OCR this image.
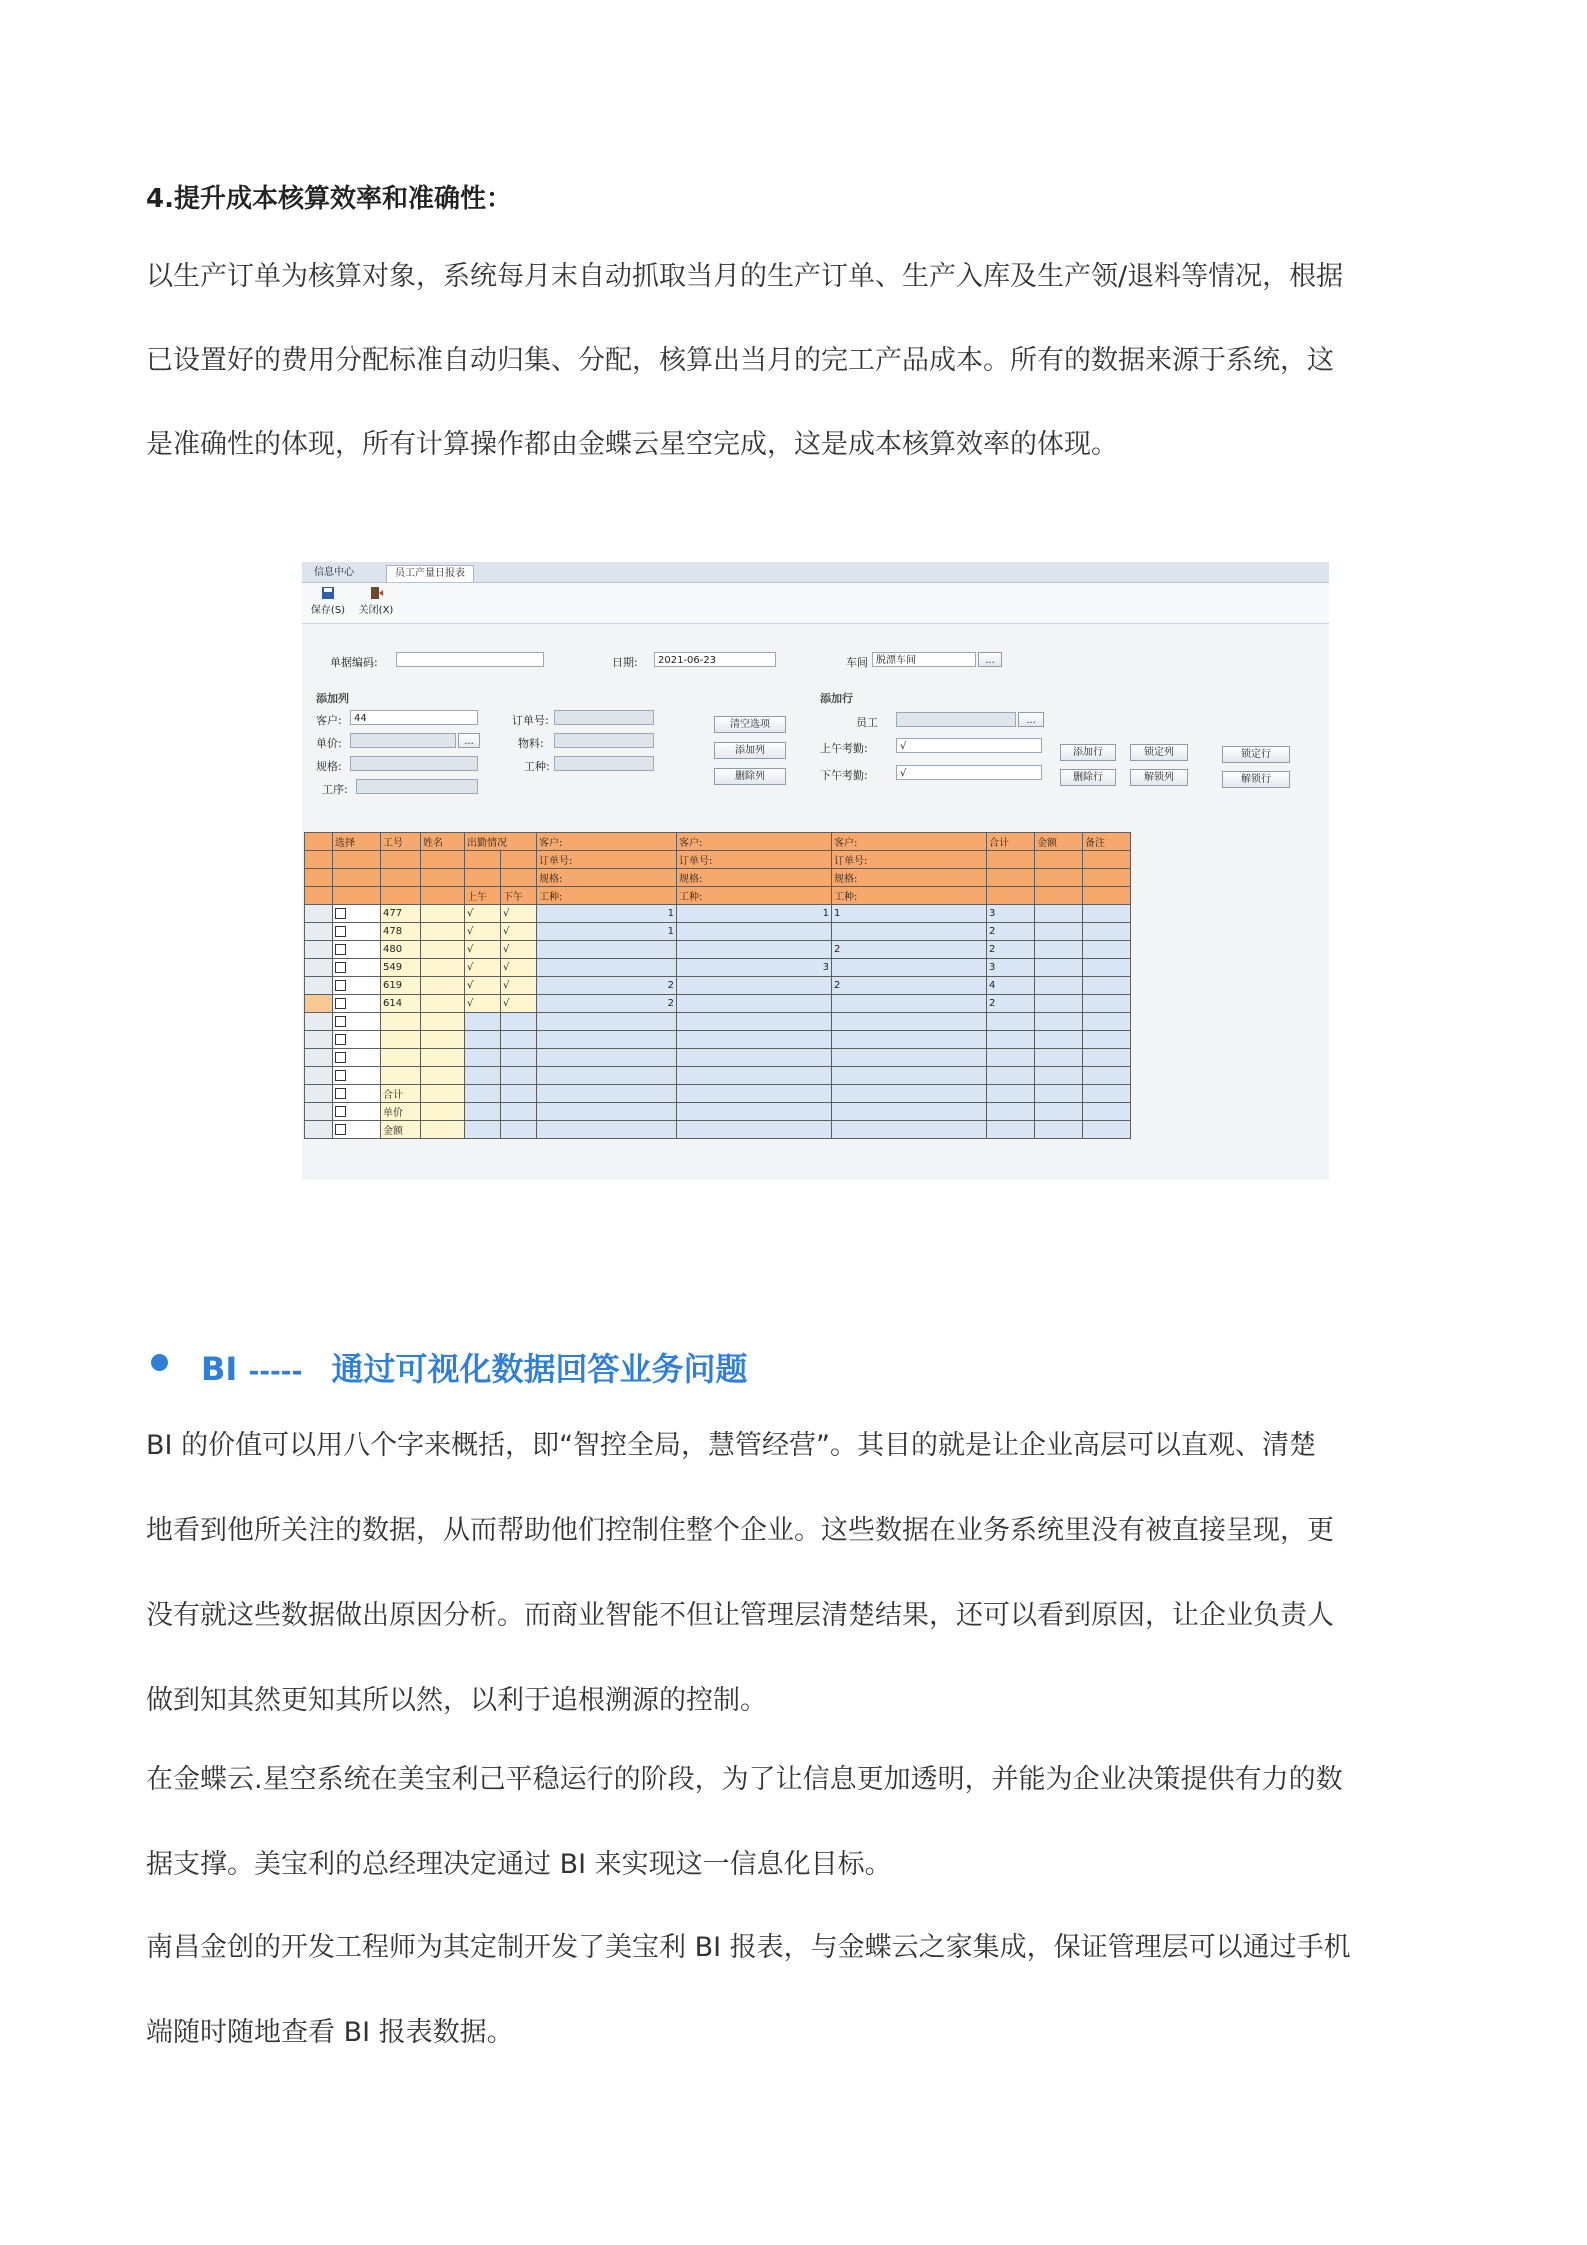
4.提升成本核算效率和准确性：

以生产订单为核算对象，系统每月末自动抓取当月的生产订单、生产入库及生产领/退料等情况，根据

已设置好的费用分配标准自动归集、分配，核算出当月的完工产品成本。所有的数据来源于系统，这

是准确性的体现，所有计算操作都由金蝶云星空完成，这是成本核算效率的体现。

信息中心	员工产量日报表
保存(S)	关闭(X)
单据编码:	日期:	2021-06-23	车间 脱漂车间	...
添加列
客户:	44
单价:	...
规格:
工序:
订单号:
物料:
工种:
清空选项
添加列
删除列
添加行
员工	...
上午考勤:	√
下午考勤:	√
添加行
删除行
锁定列
解锁列
锁定行
解锁行
	选择	工号	姓名	出勤情况		客户:	客户:	客户:	合计	金额	备注
						订单号:	订单号:	订单号:			
						规格:	规格:	规格:			
				上午	下午	工种:	工种:	工种:			
		477		√	√	1	1	1	3		
		478		√	√	1			2		
		480		√	√			2	2		
		549		√	√		3		3		
		619		√	√	2		2	4		
		614		√	√	2			2		

		合计									
		单价									
		金额									
BI ----- 通过可视化数据回答业务问题

BI 的价值可以用八个字来概括，即“智控全局，慧管经营”。其目的就是让企业高层可以直观、清楚

地看到他所关注的数据，从而帮助他们控制住整个企业。这些数据在业务系统里没有被直接呈现，更

没有就这些数据做出原因分析。而商业智能不但让管理层清楚结果，还可以看到原因，让企业负责人

做到知其然更知其所以然，以利于追根溯源的控制。

在金蝶云.星空系统在美宝利己平稳运行的阶段，为了让信息更加透明，并能为企业决策提供有力的数

据支撑。美宝利的总经理决定通过 BI 来实现这一信息化目标。

南昌金创的开发工程师为其定制开发了美宝利 BI 报表，与金蝶云之家集成，保证管理层可以通过手机

端随时随地查看 BI 报表数据。
